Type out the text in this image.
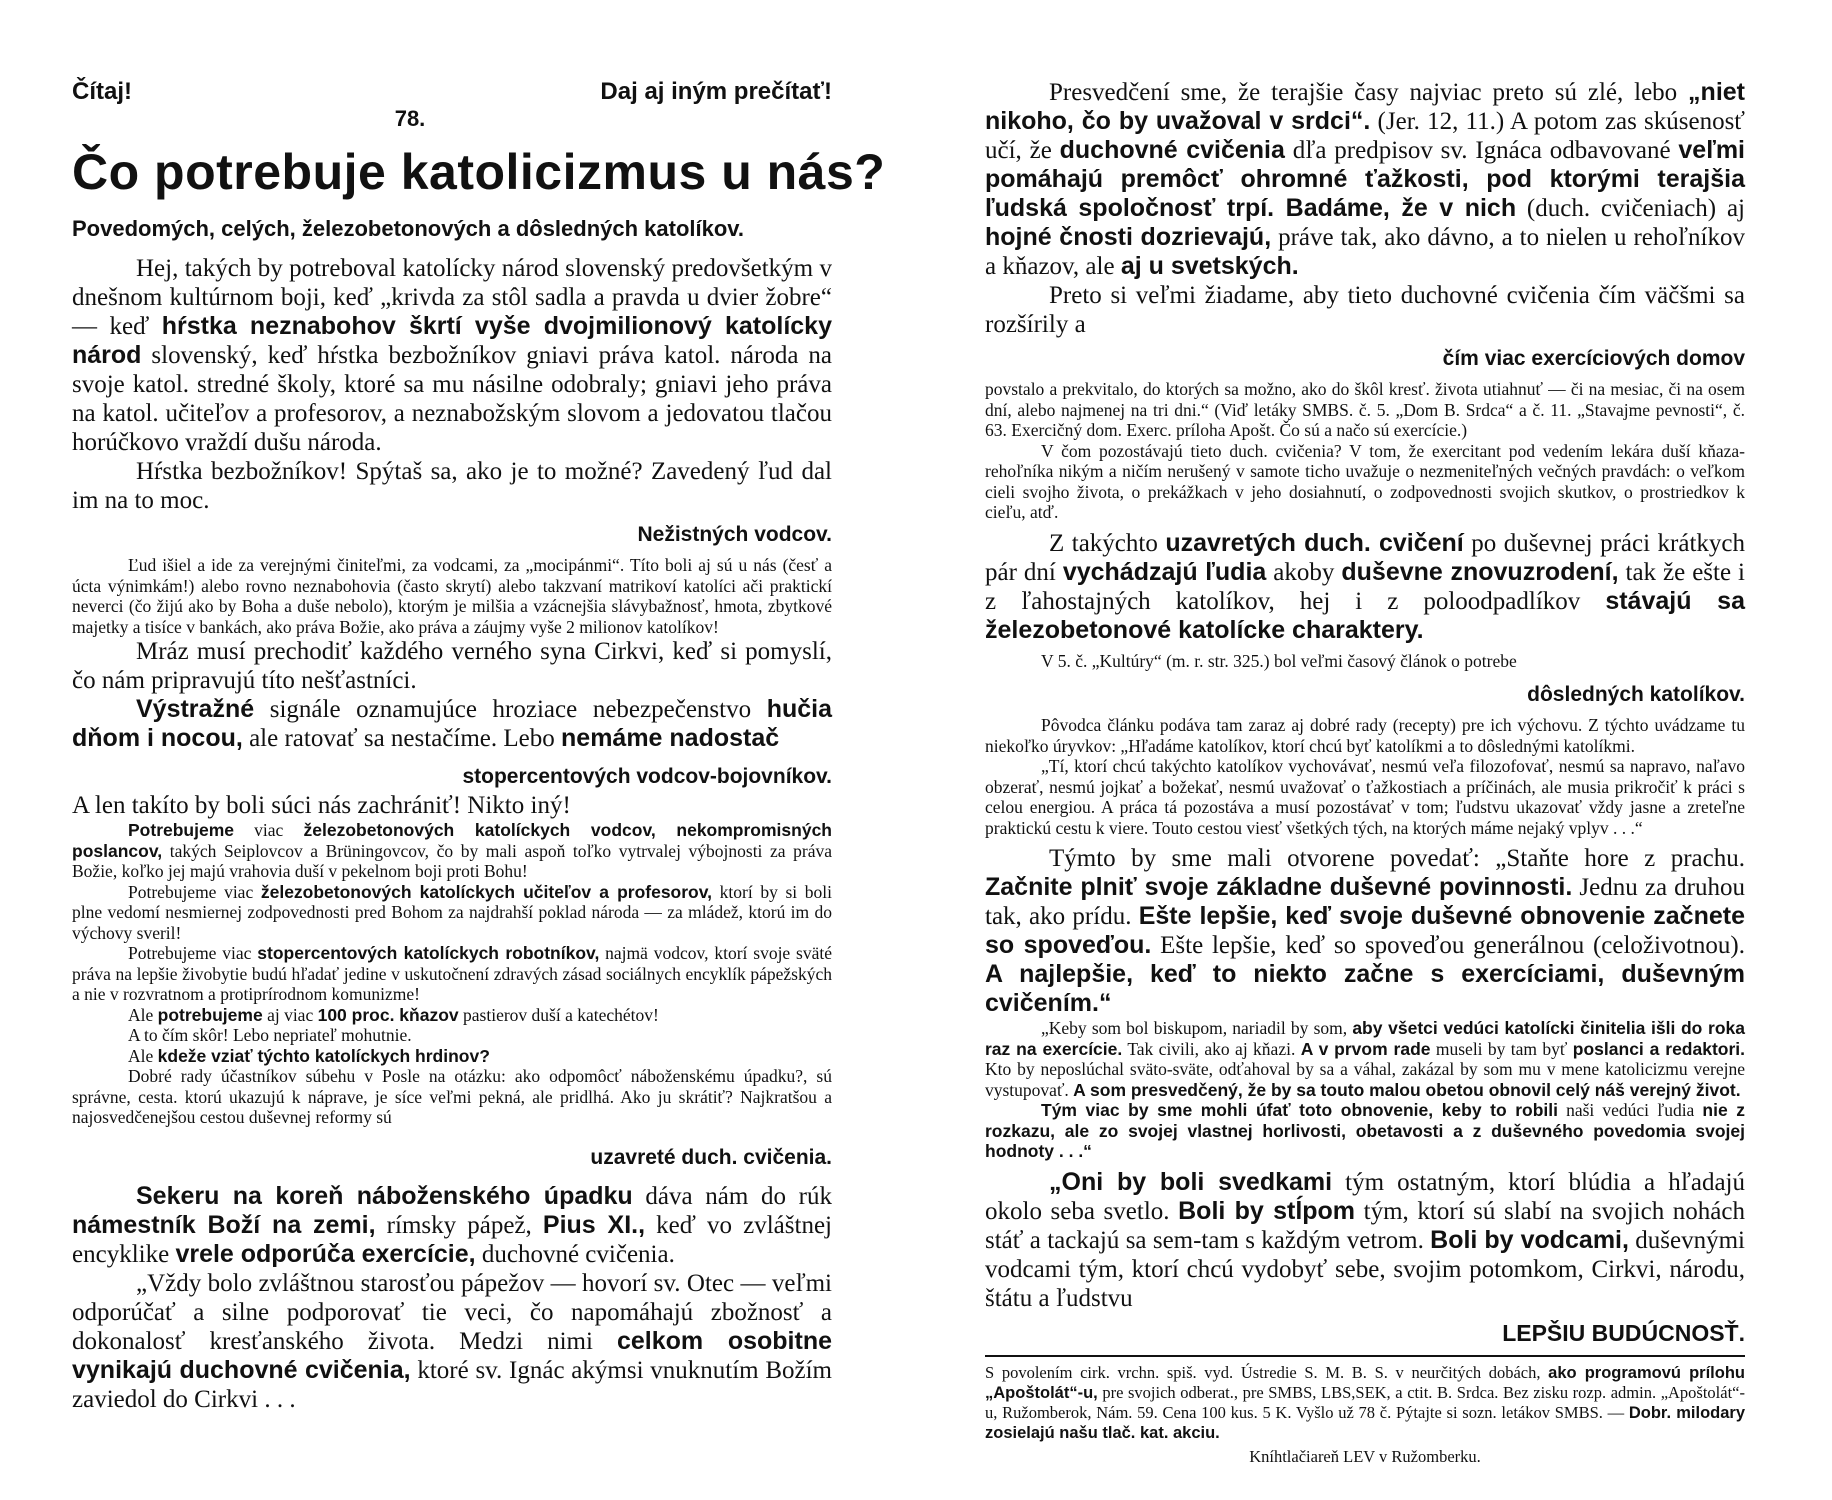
Čítaj!	Daj aj iným prečítať!
78.
Čo potrebuje katolicizmus u nás?
Povedomých, celých, železobetonových a dôsledných katolíkov.

Hej, takých by potreboval katolícky národ slovenský predovšetkým v dnešnom kultúrnom boji, keď „krivda za stôl sadla a pravda u dvier žobre“ — keď hŕstka neznabohov škrtí vyše dvojmilionový katolícky národ slovenský, keď hŕstka bezbožníkov gniavi práva katol. národa na svoje katol. stredné školy, ktoré sa mu násilne odobraly; gniavi jeho práva na katol. učiteľov a profesorov, a neznabožským slovom a jedovatou tlačou horúčkovo vraždí dušu národa.

Hŕstka bezbožníkov! Spýtaš sa, ako je to možné? Zavedený ľud dal im na to moc.

Nežistných vodcov.

Ľud išiel a ide za verejnými činiteľmi, za vodcami, za „mocipánmi“. Títo boli aj sú u nás (česť a úcta výnimkám!) alebo rovno neznabohovia (často skrytí) alebo takzvaní matrikoví katolíci ači praktickí neverci (čo žijú ako by Boha a duše nebolo), ktorým je milšia a vzácnejšia slávybažnosť, hmota, zbytkové majetky a tisíce v bankách, ako práva Božie, ako práva a záujmy vyše 2 milionov katolíkov!

Mráz musí prechodiť každého verného syna Cirkvi, keď si pomyslí, čo nám pripravujú títo nešťastníci.

Výstražné signále oznamujúce hroziace nebezpečenstvo hučia dňom i nocou, ale ratovať sa nestačíme. Lebo nemáme nadostač

stopercentových vodcov-bojovníkov.

A len takíto by boli súci nás zachrániť! Nikto iný!

Potrebujeme viac železobetonových katolíckych vodcov, nekompromisných poslancov, takých Seiplovcov a Brüningovcov, čo by mali aspoň toľko vytrvalej výbojnosti za práva Božie, koľko jej majú vrahovia duší v pekelnom boji proti Bohu!

Potrebujeme viac železobetonových katolíckych učiteľov a profesorov, ktorí by si boli plne vedomí nesmiernej zodpovednosti pred Bohom za najdrahší poklad národa — za mládež, ktorú im do výchovy sveril!

Potrebujeme viac stopercentových katolíckych robotníkov, najmä vodcov, ktorí svoje sväté práva na lepšie živobytie budú hľadať jedine v uskutočnení zdravých zásad sociálnych encyklík pápežských a nie v rozvratnom a protiprírodnom komunizme!

Ale potrebujeme aj viac 100 proc. kňazov pastierov duší a katechétov!

A to čím skôr! Lebo nepriateľ mohutnie.

Ale kdeže vziať týchto katolíckych hrdinov?

Dobré rady účastníkov súbehu v Posle na otázku: ako odpomôcť náboženskému úpadku?, sú správne, cesta. ktorú ukazujú k náprave, je síce veľmi pekná, ale pridlhá. Ako ju skrátiť? Najkratšou a najosvedčenejšou cestou duševnej reformy sú

uzavreté duch. cvičenia.

Sekeru na koreň náboženského úpadku dáva nám do rúk námestník Boží na zemi, rímsky pápež, Pius XI., keď vo zvláštnej encyklike vrele odporúča exercície, duchovné cvičenia.

„Vždy bolo zvláštnou starosťou pápežov — hovorí sv. Otec — veľmi odporúčať a silne podporovať tie veci, čo napomáhajú zbožnosť a dokonalosť kresťanského života. Medzi nimi celkom osobitne vynikajú duchovné cvičenia, ktoré sv. Ignác akýmsi vnuknutím Božím zaviedol do Cirkvi . . .

Presvedčení sme, že terajšie časy najviac preto sú zlé, lebo „niet nikoho, čo by uvažoval v srdci“. (Jer. 12, 11.) A potom zas skúsenosť učí, že duchovné cvičenia dľa predpisov sv. Ignáca odbavované veľmi pomáhajú premôcť ohromné ťažkosti, pod ktorými terajšia ľudská spoločnosť trpí. Badáme, že v nich (duch. cvičeniach) aj hojné čnosti dozrievajú, práve tak, ako dávno, a to nielen u rehoľníkov a kňazov, ale aj u svetských.

Preto si veľmi žiadame, aby tieto duchovné cvičenia čím väčšmi sa rozšírily a

čím viac exercíciových domov

povstalo a prekvitalo, do ktorých sa možno, ako do škôl kresť. života utiahnuť — či na mesiac, či na osem dní, alebo najmenej na tri dni.“ (Viď letáky SMBS. č. 5. „Dom B. Srdca“ a č. 11. „Stavajme pevnosti“, č. 63. Exercičný dom. Exerc. príloha Apošt. Čo sú a načo sú exercície.)

V čom pozostávajú tieto duch. cvičenia? V tom, že exercitant pod vedením lekára duší kňaza-rehoľníka nikým a ničím nerušený v samote ticho uvažuje o nezmeniteľných večných pravdách: o veľkom cieli svojho života, o prekážkach v jeho dosiahnutí, o zodpovednosti svojich skutkov, o prostriedkov k cieľu, atď.

Z takýchto uzavretých duch. cvičení po duševnej práci krátkych pár dní vychádzajú ľudia akoby duševne znovuzrodení, tak že ešte i z ľahostajných katolíkov, hej i z poloodpadlíkov stávajú sa železobetonové katolícke charaktery.

V 5. č. „Kultúry“ (m. r. str. 325.) bol veľmi časový článok o potrebe

dôsledných katolíkov.

Pôvodca článku podáva tam zaraz aj dobré rady (recepty) pre ich výchovu. Z týchto uvádzame tu niekoľko úryvkov: „Hľadáme katolíkov, ktorí chcú byť katolíkmi a to dôslednými katolíkmi.

„Tí, ktorí chcú takýchto katolíkov vychovávať, nesmú veľa filozofovať, nesmú sa napravo, naľavo obzerať, nesmú jojkať a božekať, nesmú uvažovať o ťažkostiach a príčinách, ale musia prikročiť k práci s celou energiou. A práca tá pozostáva a musí pozostávať v tom; ľudstvu ukazovať vždy jasne a zreteľne praktickú cestu k viere. Touto cestou viesť všetkých tých, na ktorých máme nejaký vplyv . . .“

Týmto by sme mali otvorene povedať: „Staňte hore z prachu. Začnite plniť svoje základne duševné povinnosti. Jednu za druhou tak, ako prídu. Ešte lepšie, keď svoje duševné obnovenie začnete so spoveďou. Ešte lepšie, keď so spoveďou generálnou (celoživotnou). A najlepšie, keď to niekto začne s exercíciami, duševným cvičením.“

„Keby som bol biskupom, nariadil by som, aby všetci vedúci katolícki činitelia išli do roka raz na exercície. Tak civili, ako aj kňazi. A v prvom rade museli by tam byť poslanci a redaktori. Kto by neposlúchal sväto-sväte, odťahoval by sa a váhal, zakázal by som mu v mene katolicizmu verejne vystupovať. A som presvedčený, že by sa touto malou obetou obnovil celý náš verejný život.

Tým viac by sme mohli úfať toto obnovenie, keby to robili naši vedúci ľudia nie z rozkazu, ale zo svojej vlastnej horlivosti, obetavosti a z duševného povedomia svojej hodnoty . . .“

„Oni by boli svedkami tým ostatným, ktorí blúdia a hľadajú okolo seba svetlo. Boli by stĺpom tým, ktorí sú slabí na svojich nohách stáť a tackajú sa sem-tam s každým vetrom. Boli by vodcami, duševnými vodcami tým, ktorí chcú vydobyť sebe, svojim potomkom, Cirkvi, národu, štátu a ľudstvu

LEPŠIU BUDÚCNOSŤ.

S povolením cirk. vrchn. spiš. vyd. Ústredie S. M. B. S. v neurčitých dobách, ako programovú prílohu „Apoštolát“-u, pre svojich odberat., pre SMBS, LBS,SEK, a ctit. B. Srdca. Bez zisku rozp. admin. „Apoštolát“-u, Ružomberok, Nám. 59. Cena 100 kus. 5 K. Vyšlo už 78 č. Pýtajte si sozn. letákov SMBS. — Dobr. milodary zosielajú našu tlač. kat. akciu.

Kníhtlačiareň LEV v Ružomberku.
